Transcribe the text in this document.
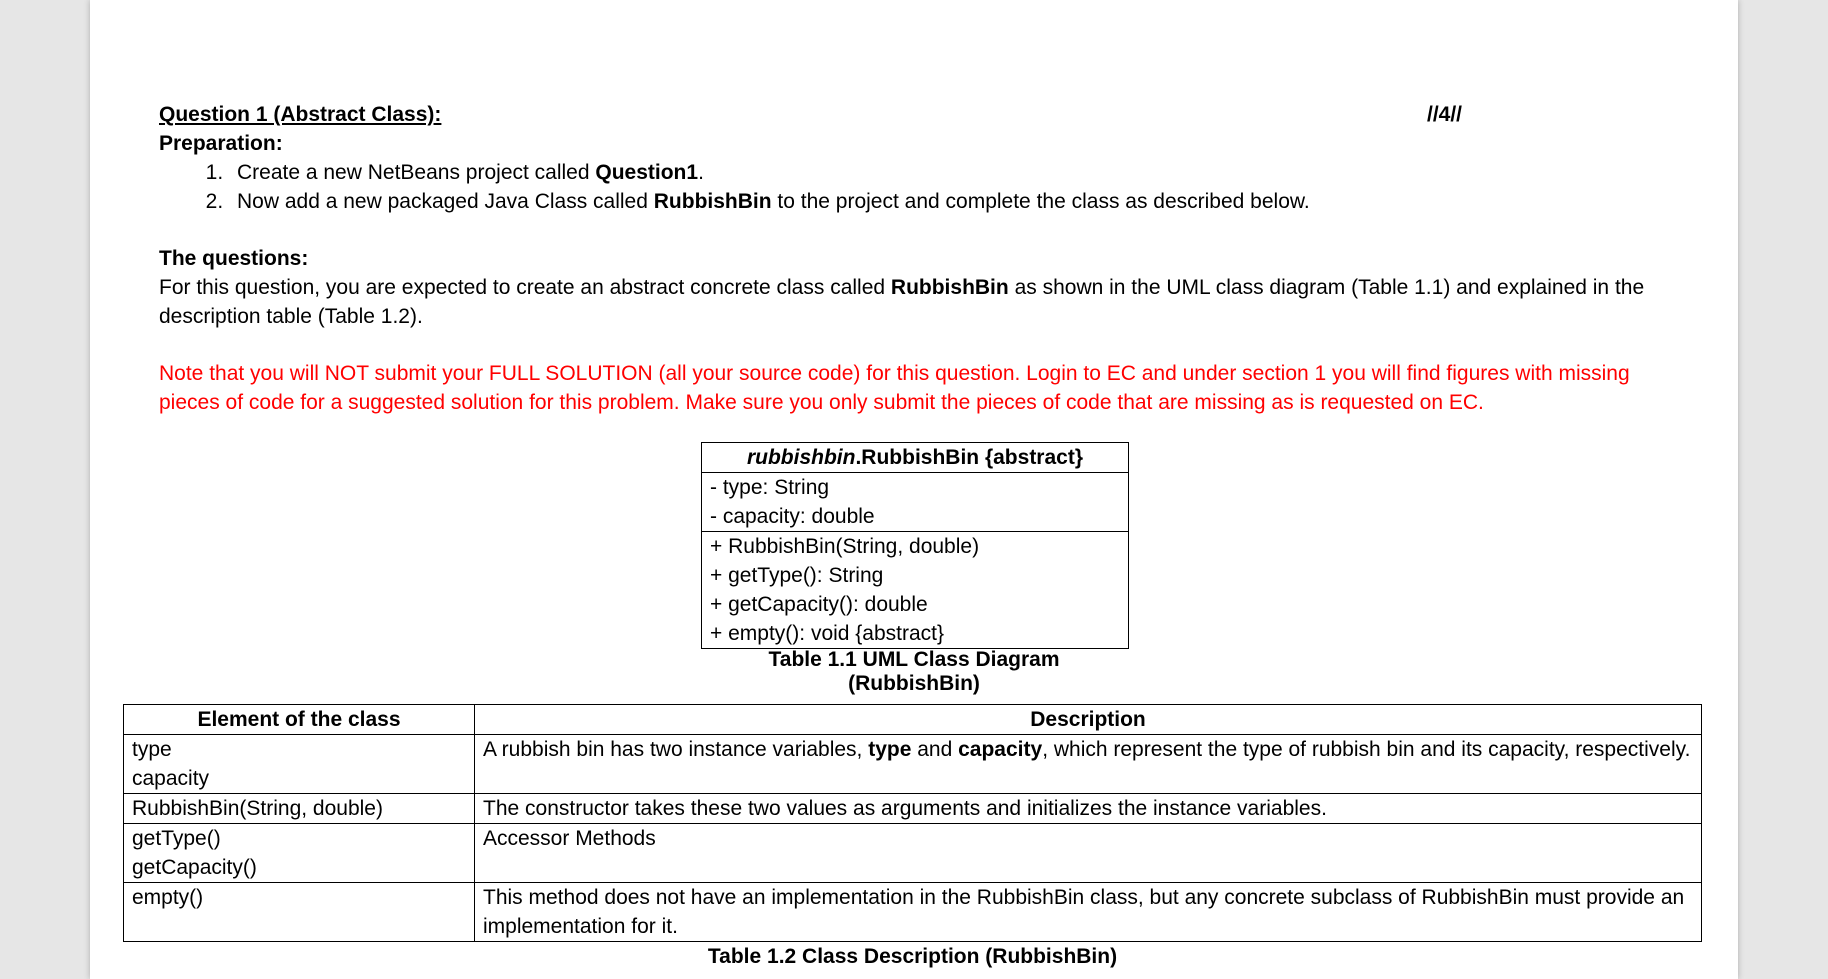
Question 1 (Abstract Class):
Preparation:
1. Create a new NetBeans project called Question1.
2. Now add a new packaged Java Class called RubbishBin to the project and complete the class as described below.
The questions:
For this question, you are expected to create an abstract concrete class called RubbishBin as shown in the UML class diagram (Table 1.1) and explained in the description table (Table 1.2).
Note that you will NOT submit your FULL SOLUTION (all your source code) for this question. Login to EC and under section 1 you will find figures with missing pieces of code for a suggested solution for this problem. Make sure you only submit the pieces of code that are missing as is requested on EC.
//4//
rubbishbin.RubbishBin {abstract}
- type: String
- capacity: double
+ RubbishBin(String, double)
+ getType(): String
+ getCapacity(): double
+ empty(): void {abstract}
Table 1.1 UML Class Diagram (RubbishBin)
Element of the class	Description

type
capacity	A rubbish bin has two instance variables, type and capacity, which represent the type of rubbish bin and its capacity, respectively.

RubbishBin(String, double)	The constructor takes these two values as arguments and initializes the instance variables.

getType()
getCapacity()	Accessor Methods

empty()	This method does not have an implementation in the RubbishBin class, but any concrete subclass of RubbishBin must provide an implementation for it.
Table 1.2 Class Description (RubbishBin)
